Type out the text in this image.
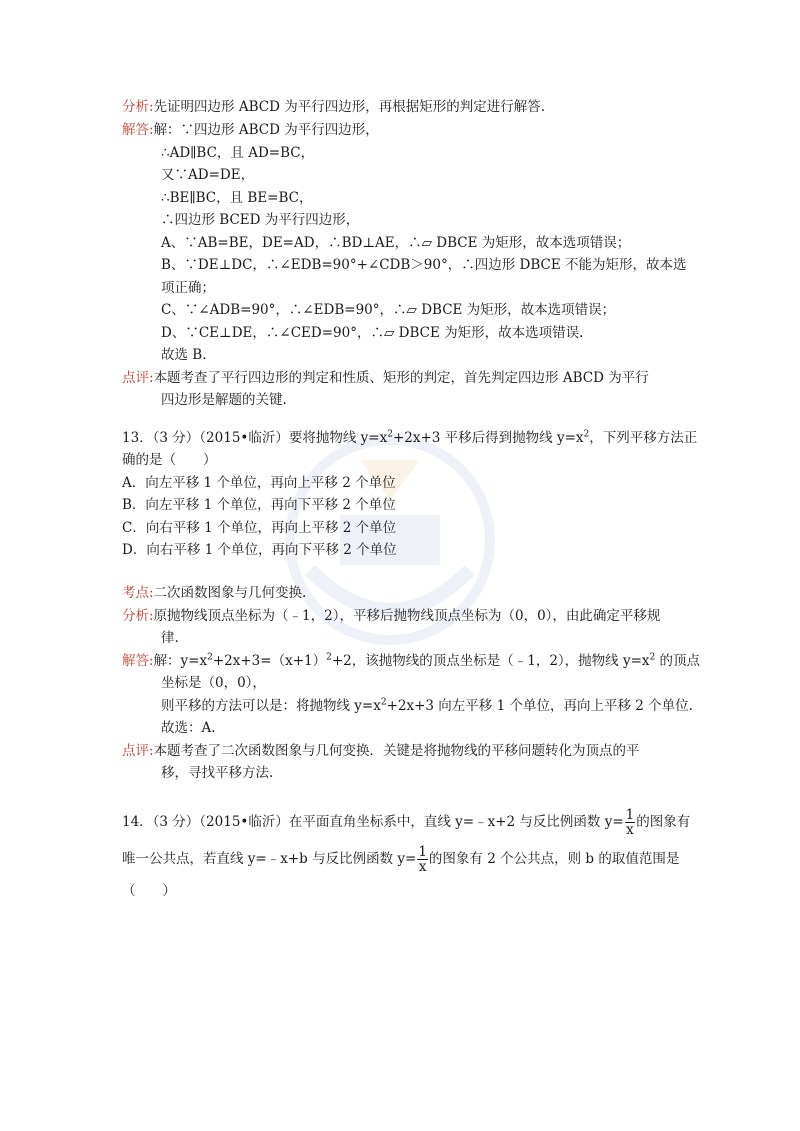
分析:先证明四边形 ABCD 为平行四边形，再根据矩形的判定进行解答.
解答:解：∵四边形 ABCD 为平行四边形，
∴AD∥BC，且 AD=BC，
又∵AD=DE，
∴BE∥BC，且 BE=BC，
∴四边形 BCED 为平行四边形，
A、∵AB=BE，DE=AD，∴BD⊥AE，∴▱ DBCE 为矩形，故本选项错误；
B、∵DE⊥DC，∴∠EDB=90°+∠CDB＞90°，∴四边形 DBCE 不能为矩形，故本选
项正确；
C、∵∠ADB=90°，∴∠EDB=90°，∴▱ DBCE 为矩形，故本选项错误；
D、∵CE⊥DE，∴∠CED=90°，∴▱ DBCE 为矩形，故本选项错误.
故选 B.
点评:本题考查了平行四边形的判定和性质、矩形的判定，首先判定四边形 ABCD 为平行
四边形是解题的关键.
13．（3 分）（2015•临沂）要将抛物线 $y=x^2+2x+3$ 平移后得到抛物线 $y=x^2$，下列平移方法正
确的是（　　）
A．向左平移 1 个单位，再向上平移 2 个单位
B．向左平移 1 个单位，再向下平移 2 个单位
C．向右平移 1 个单位，再向上平移 2 个单位
D．向右平移 1 个单位，再向下平移 2 个单位
考点:二次函数图象与几何变换.
分析:原抛物线顶点坐标为（﹣1，2），平移后抛物线顶点坐标为（0，0），由此确定平移规
律.
解答:解：$y=x^2+2x+3=(x+1)^2+2$，该抛物线的顶点坐标是（﹣1，2），抛物线 $y=x^2$ 的顶点
坐标是（0，0），
则平移的方法可以是：将抛物线 $y=x^2+2x+3$ 向左平移 1 个单位，再向上平移 2 个单位.
故选：A.
点评:本题考查了二次函数图象与几何变换．关键是将抛物线的平移问题转化为顶点的平
移，寻找平移方法.
14．（3 分）（2015•临沂）在平面直角坐标系中，直线 y=﹣x+2 与反比例函数 $y= \frac{1}{x}$ 的图象有
唯一公共点，若直线 y=﹣x+b 与反比例函数 $y= \frac{1}{x}$ 的图象有 2 个公共点，则 b 的取值范围是
（　　）
